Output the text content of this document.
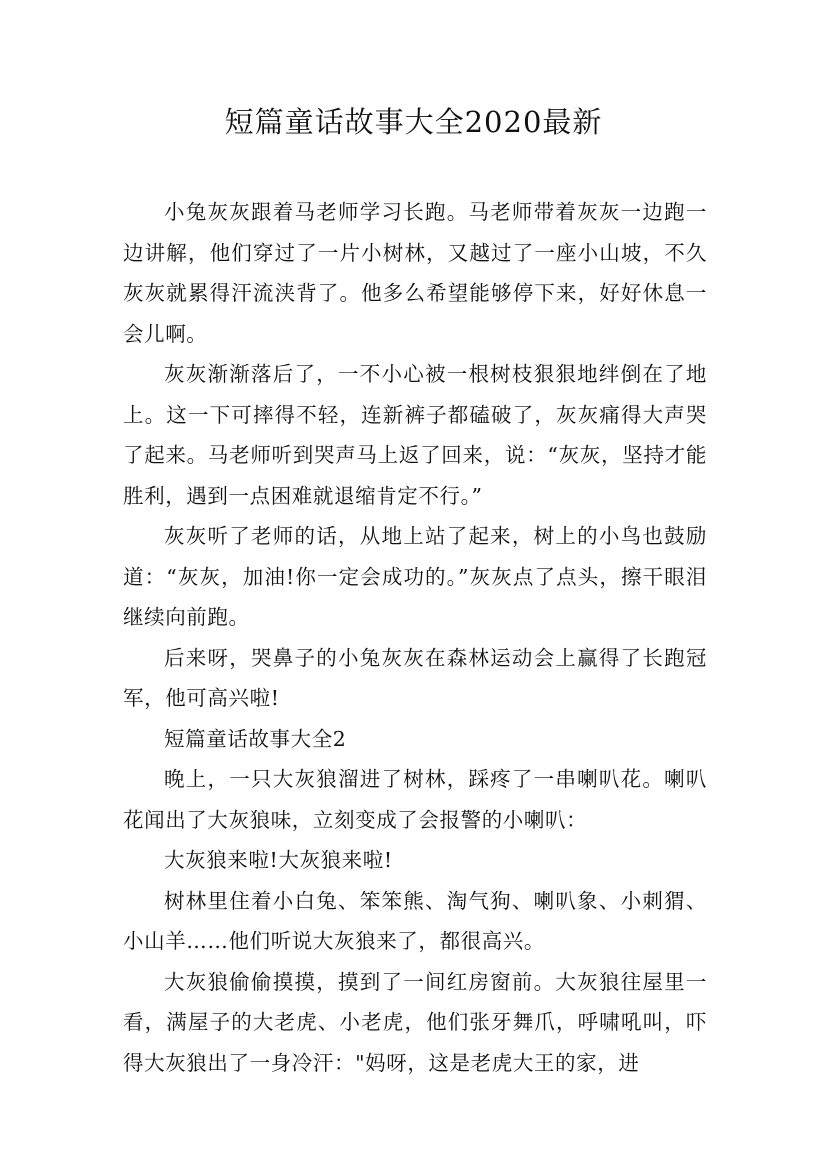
短篇童话故事大全2020最新

小兔灰灰跟着马老师学习长跑。马老师带着灰灰一边跑一边讲解，他们穿过了一片小树林，又越过了一座小山坡，不久灰灰就累得汗流浃背了。他多么希望能够停下来，好好休息一会儿啊。

灰灰渐渐落后了，一不小心被一根树枝狠狠地绊倒在了地上。这一下可摔得不轻，连新裤子都磕破了，灰灰痛得大声哭了起来。马老师听到哭声马上返了回来，说：“灰灰，坚持才能胜利，遇到一点困难就退缩肯定不行。”

灰灰听了老师的话，从地上站了起来，树上的小鸟也鼓励道：“灰灰，加油!你一定会成功的。”灰灰点了点头，擦干眼泪继续向前跑。

后来呀，哭鼻子的小兔灰灰在森林运动会上赢得了长跑冠军，他可高兴啦!

短篇童话故事大全2

晚上，一只大灰狼溜进了树林，踩疼了一串喇叭花。喇叭花闻出了大灰狼味，立刻变成了会报警的小喇叭：

大灰狼来啦!大灰狼来啦!

树林里住着小白兔、笨笨熊、淘气狗、喇叭象、小刺猬、小山羊……他们听说大灰狼来了，都很高兴。

大灰狼偷偷摸摸，摸到了一间红房窗前。大灰狼往屋里一看，满屋子的大老虎、小老虎，他们张牙舞爪，呼啸吼叫，吓得大灰狼出了一身冷汗："妈呀，这是老虎大王的家，进
